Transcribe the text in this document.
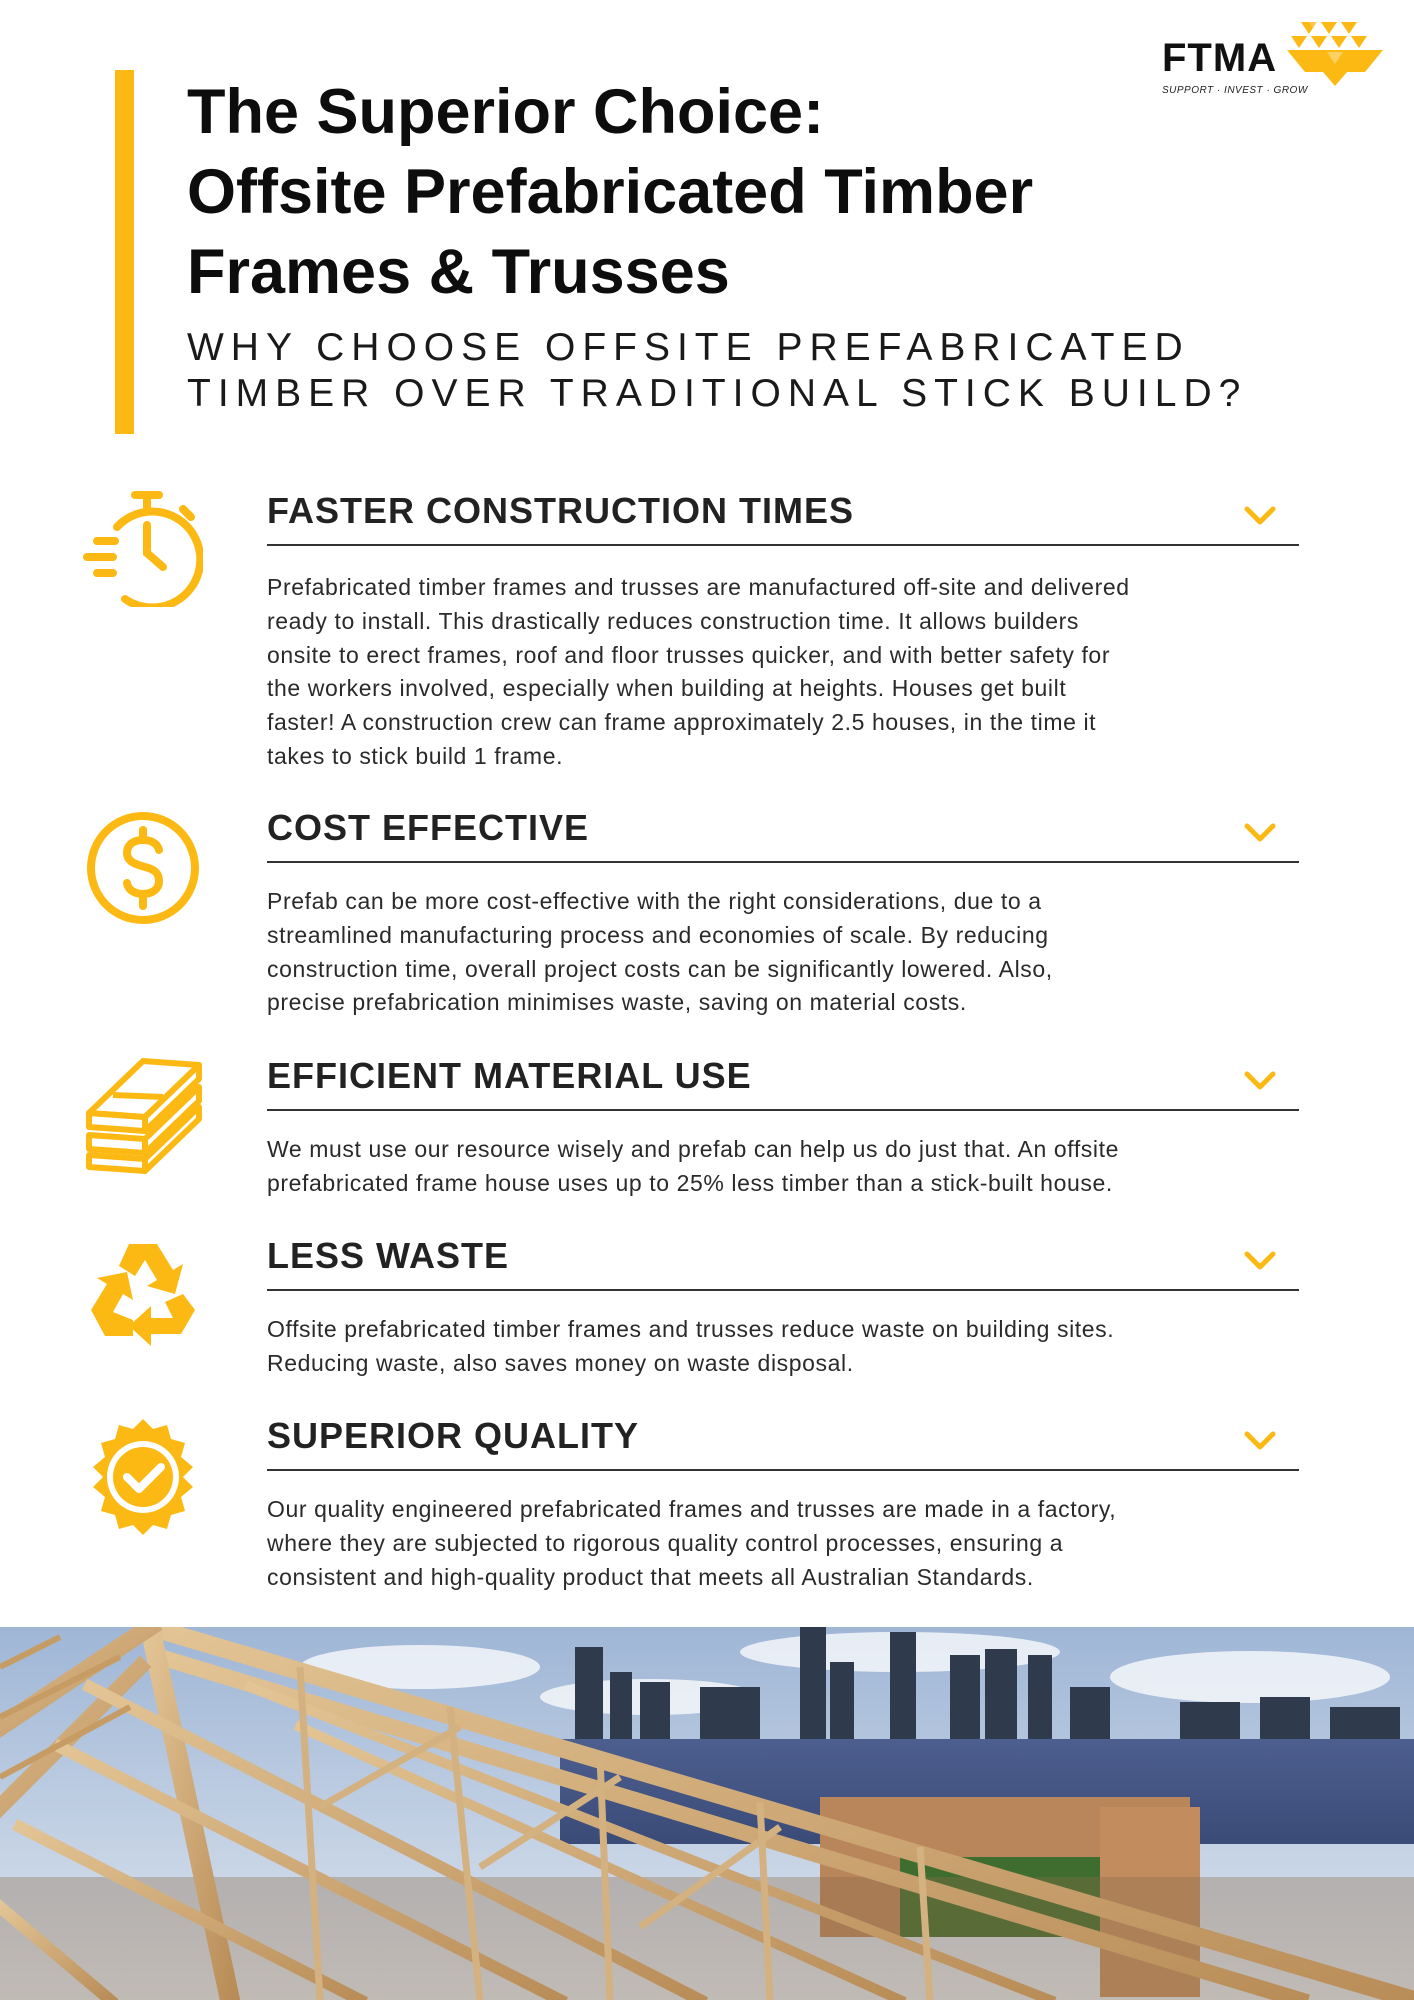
FTMA
SUPPORT · INVEST · GROW
The Superior Choice:
Offsite Prefabricated Timber
Frames & Trusses
WHY CHOOSE OFFSITE PREFABRICATED
TIMBER OVER TRADITIONAL STICK BUILD?
FASTER CONSTRUCTION TIMES
Prefabricated timber frames and trusses are manufactured off-site and delivered
ready to install. This drastically reduces construction time. It allows builders
onsite to erect frames, roof and floor trusses quicker, and with better safety for
the workers involved, especially when building at heights. Houses get built
faster! A construction crew can frame approximately 2.5 houses, in the time it
takes to stick build 1 frame.
COST EFFECTIVE
Prefab can be more cost-effective with the right considerations, due to a
streamlined manufacturing process and economies of scale. By reducing
construction time, overall project costs can be significantly lowered. Also,
precise prefabrication minimises waste, saving on material costs.
EFFICIENT MATERIAL USE
We must use our resource wisely and prefab can help us do just that. An offsite
prefabricated frame house uses up to 25% less timber than a stick-built house.
LESS WASTE
Offsite prefabricated timber frames and trusses reduce waste on building sites.
Reducing waste, also saves money on waste disposal.
SUPERIOR QUALITY
Our quality engineered prefabricated frames and trusses are made in a factory,
where they are subjected to rigorous quality control processes, ensuring a
consistent and high-quality product that meets all Australian Standards.
